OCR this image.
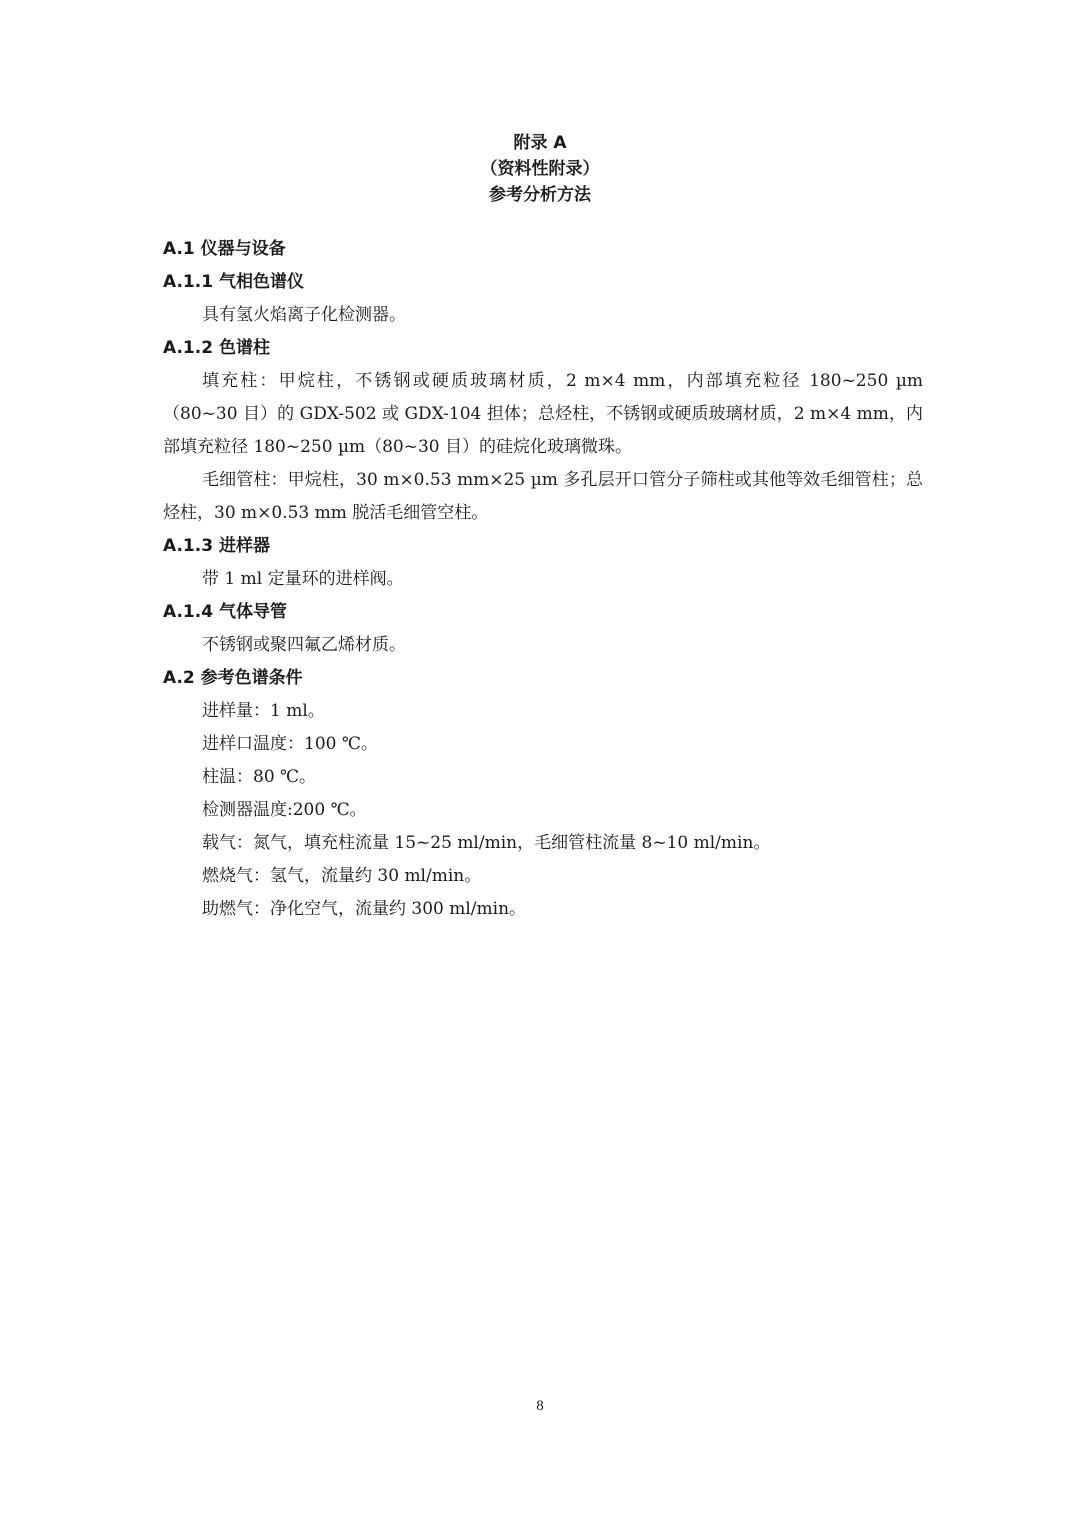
附录 A
（资料性附录）
参考分析方法
A.1 仪器与设备
A.1.1 气相色谱仪
具有氢火焰离子化检测器。
A.1.2 色谱柱
填充柱：甲烷柱，不锈钢或硬质玻璃材质，2 m×4 mm，内部填充粒径 180~250 µm（80~30 目）的 GDX-502 或 GDX-104 担体；总烃柱，不锈钢或硬质玻璃材质，2 m×4 mm，内部填充粒径 180~250 µm（80~30 目）的硅烷化玻璃微珠。
毛细管柱：甲烷柱，30 m×0.53 mm×25 µm 多孔层开口管分子筛柱或其他等效毛细管柱；总烃柱，30 m×0.53 mm 脱活毛细管空柱。
A.1.3 进样器
带 1 ml 定量环的进样阀。
A.1.4 气体导管
不锈钢或聚四氟乙烯材质。
A.2 参考色谱条件
进样量：1 ml。
进样口温度：100 ℃。
柱温：80 ℃。
检测器温度:200 ℃。
载气：氮气，填充柱流量 15~25 ml/min，毛细管柱流量 8~10 ml/min。
燃烧气：氢气，流量约 30 ml/min。
助燃气：净化空气，流量约 300 ml/min。
8
